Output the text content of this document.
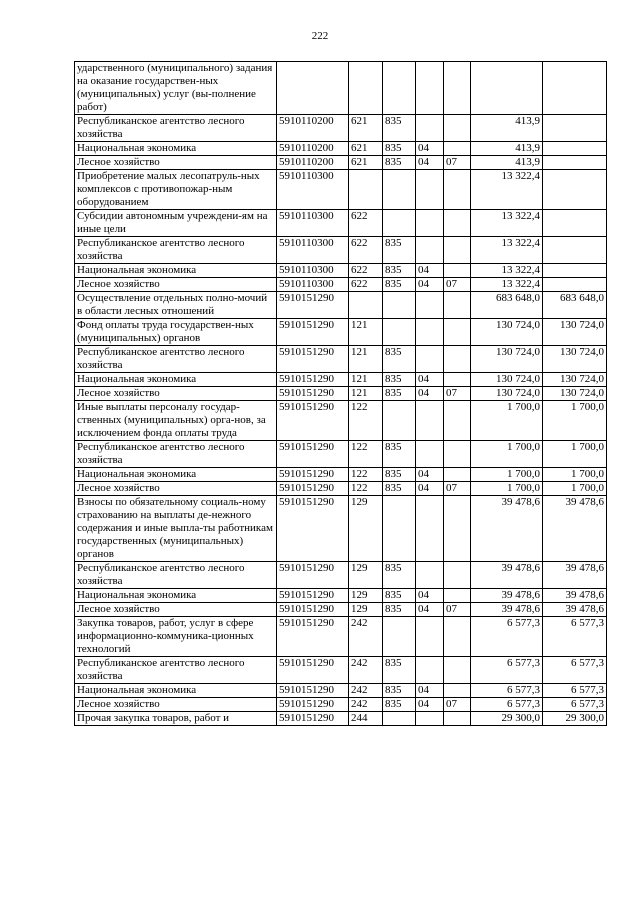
222
ударственного (муниципального) задания на оказание государствен-ных (муниципальных) услуг (вы-полнение работ)							
Республиканское агентство лесного хозяйства	5910110200	621	835			413,9	
Национальная экономика	5910110200	621	835	04		413,9	
Лесное хозяйство	5910110200	621	835	04	07	413,9	
Приобретение малых лесопатруль-ных комплексов с противопожар-ным оборудованием	5910110300					13 322,4	
Субсидии автономным учреждени-ям на иные цели	5910110300	622				13 322,4	
Республиканское агентство лесного хозяйства	5910110300	622	835			13 322,4	
Национальная экономика	5910110300	622	835	04		13 322,4	
Лесное хозяйство	5910110300	622	835	04	07	13 322,4	
Осуществление отдельных полно-мочий в области лесных отношений	5910151290					683 648,0	683 648,0
Фонд оплаты труда государствен-ных (муниципальных) органов	5910151290	121				130 724,0	130 724,0
Республиканское агентство лесного хозяйства	5910151290	121	835			130 724,0	130 724,0
Национальная экономика	5910151290	121	835	04		130 724,0	130 724,0
Лесное хозяйство	5910151290	121	835	04	07	130 724,0	130 724,0
Иные выплаты персоналу государ-ственных (муниципальных) орга-нов, за исключением фонда оплаты труда	5910151290	122				1 700,0	1 700,0
Республиканское агентство лесного хозяйства	5910151290	122	835			1 700,0	1 700,0
Национальная экономика	5910151290	122	835	04		1 700,0	1 700,0
Лесное хозяйство	5910151290	122	835	04	07	1 700,0	1 700,0
Взносы по обязательному социаль-ному страхованию на выплаты де-нежного содержания и иные выпла-ты работникам государственных (муниципальных) органов	5910151290	129				39 478,6	39 478,6
Республиканское агентство лесного хозяйства	5910151290	129	835			39 478,6	39 478,6
Национальная экономика	5910151290	129	835	04		39 478,6	39 478,6
Лесное хозяйство	5910151290	129	835	04	07	39 478,6	39 478,6
Закупка товаров, работ, услуг в сфере информационно-коммуника-ционных технологий	5910151290	242				6 577,3	6 577,3
Республиканское агентство лесного хозяйства	5910151290	242	835			6 577,3	6 577,3
Национальная экономика	5910151290	242	835	04		6 577,3	6 577,3
Лесное хозяйство	5910151290	242	835	04	07	6 577,3	6 577,3
Прочая закупка товаров, работ и	5910151290	244				29 300,0	29 300,0
